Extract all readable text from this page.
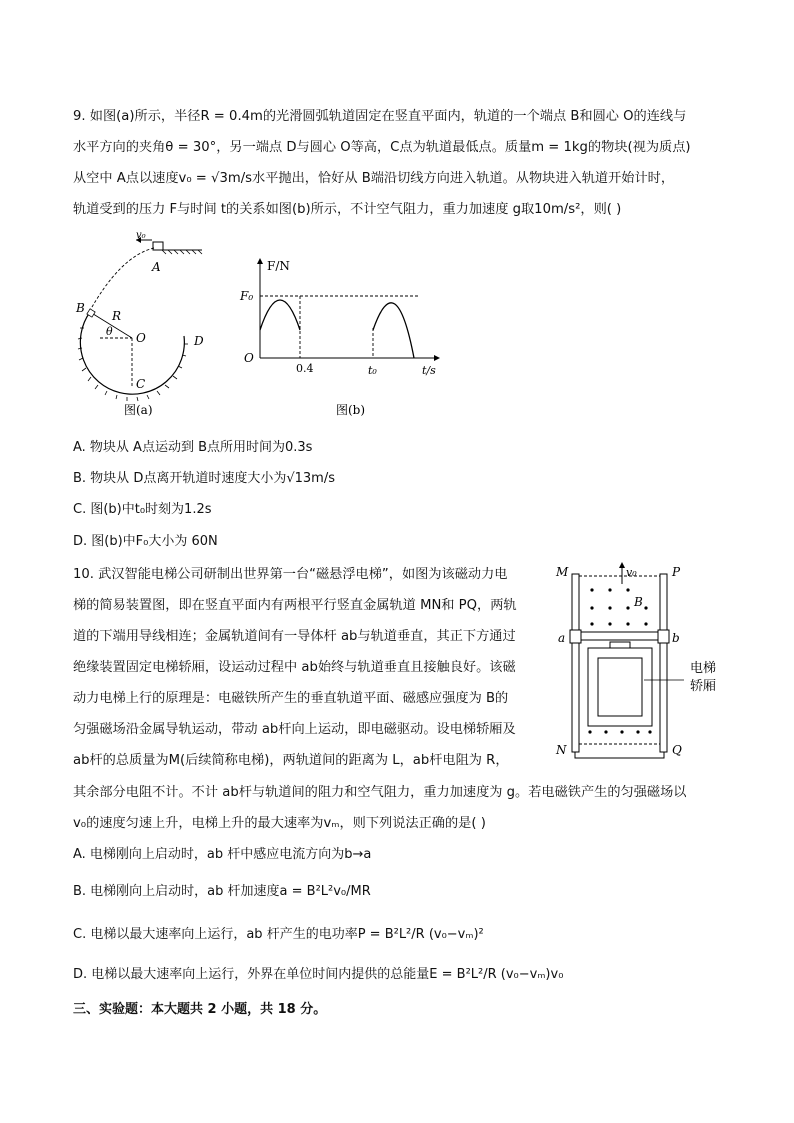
9. 如图(a)所示，半径R = 0.4m的光滑圆弧轨道固定在竖直平面内，轨道的一个端点 B和圆心 O的连线与
水平方向的夹角θ = 30°，另一端点 D与圆心 O等高，C点为轨道最低点。质量m = 1kg的物块(视为质点)
从空中 A点以速度v₀ = √3m/s水平抛出，恰好从 B端沿切线方向进入轨道。从物块进入轨道开始计时，
轨道受到的压力 F与时间 t的关系如图(b)所示，不计空气阻力，重力加速度 g取10m/s²，则( )
v₀
A
B
R
θ O	D
C
图(a)
F/N
F₀
O
0.4	t₀	t/s
图(b)
A. 物块从 A点运动到 B点所用时间为0.3s
B. 物块从 D点离开轨道时速度大小为√13m/s
C. 图(b)中t₀时刻为1.2s
D. 图(b)中F₀大小为 60N
10. 武汉智能电梯公司研制出世界第一台“磁悬浮电梯”，如图为该磁动力电
梯的简易装置图，即在竖直平面内有两根平行竖直金属轨道 MN和 PQ，两轨
道的下端用导线相连；金属轨道间有一导体杆 ab与轨道垂直，其正下方通过
绝缘装置固定电梯轿厢，设运动过程中 ab始终与轨道垂直且接触良好。该磁
动力电梯上行的原理是：电磁铁所产生的垂直轨道平面、磁感应强度为 B的
匀强磁场沿金属导轨运动，带动 ab杆向上运动，即电磁驱动。设电梯轿厢及
ab杆的总质量为M(后续简称电梯)，两轨道间的距离为 L，ab杆电阻为 R，
其余部分电阻不计。不计 ab杆与轨道间的阻力和空气阻力，重力加速度为 g。若电磁铁产生的匀强磁场以
v₀的速度匀速上升，电梯上升的最大速率为vₘ，则下列说法正确的是( )
v₀
B
M	P
a	b
N	Q
电梯
轿厢
A. 电梯刚向上启动时，ab 杆中感应电流方向为b→a
B. 电梯刚向上启动时，ab 杆加速度a = B²L²v₀/MR
C. 电梯以最大速率向上运行，ab 杆产生的电功率P = B²L²/R (v₀−vₘ)²
D. 电梯以最大速率向上运行，外界在单位时间内提供的总能量E = B²L²/R (v₀−vₘ)v₀
三、实验题：本大题共 2 小题，共 18 分。
